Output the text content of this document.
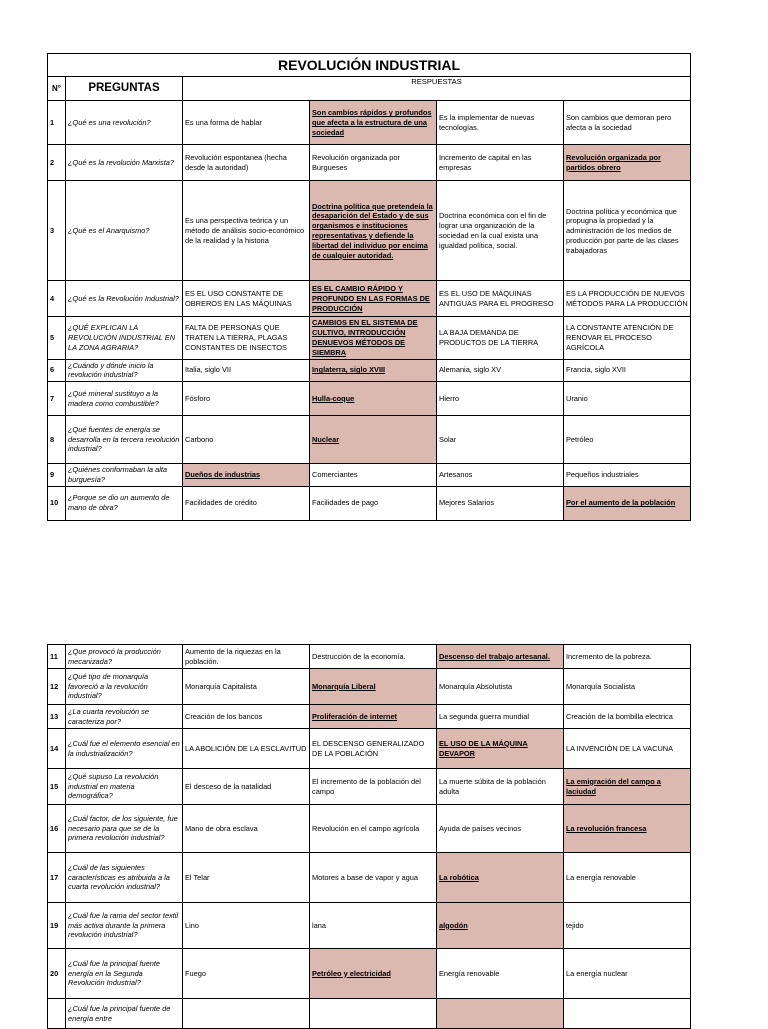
REVOLUCIÓN INDUSTRIAL					
N°	PREGUNTAS	RESPUESTAS			

1	¿Qué es una revolución?	Es una forma de hablar	Son cambios rápidos y profundos que afecta a la estructura de una sociedad	Es la implementar de nuevas tecnologías.	Son cambios que demoran pero afecta a la sociedad
2	¿Qué es la revolución Marxista?	Revolución espontanea (hecha desde la autoridad)	Revolución organizada por Burgueses	Incremento de capital en las empresas	Revolución organizada por partidos obrero
3	¿Qué es el Anarquismo?	Es una perspectiva teórica y un método de análisis socio-económico de la realidad y la historia	Doctrina política que pretendeía la desaparición del Estado y de sus organismos e instituciones representativas y defiende la libertad del individuo por encima de cualquier autoridad.	Doctrina económica con el fin de lograr una organización de la sociedad en la cual exista una igualdad política, social.	Doctrina política y económica que propugna la propiedad y la administración de los medios de producción por parte de las clases trabajadoras
4	¿Qué es la Revolución Industrial?	ES EL USO CONSTANTE DE OBREROS EN LAS MÁQUINAS	ES EL CAMBIO RÁPIDO Y PROFUNDO EN LAS FORMAS DE PRODUCCIÓN	ES EL USO DE MÁQUINAS ANTIGUAS PARA EL PROGRESO	ES LA PRODUCCIÓN DE NUEVOS MÉTODOS PARA LA PRODUCCIÓN
5	¿QUÉ EXPLICAN LA REVOLUCIÓN INDUSTRIAL EN LA ZONA AGRARIA?	FALTA DE PERSONAS QUE TRATEN LA TIERRA, PLAGAS CONSTANTES DE INSECTOS	CAMBIOS EN EL SISTEMA DE CULTIVO, INTRODUCCIÓN DENUEVOS MÉTODOS DE SIEMBRA	LA BAJA DEMANDA DE PRODUCTOS DE LA TIERRA	LA CONSTANTE ATENCIÓN DE RENOVAR EL PROCESO AGRÍCOLA
6	¿Cuándo y dónde inicio la revolución industrial?	Italia, siglo VII	Inglaterra, siglo XVIII	Alemania, siglo XV	Francia, siglo XVII
7	¿Qué mineral sustituyo a la madera como combustible?	Fósforo	Hulla-coque	Hierro	Uranio
8	¿Qué fuentes de energía se desarrolla en la tercera revolución industrial?	Carbono	Nuclear	Solar	Petróleo
9	¿Quiénes conformaban la alta burguesía?	Dueños de industrias	Comerciantes	Artesanos	Pequeños industriales
10	¿Porque se dio un aumento de mano de obra?	Facilidades de crédito	Facilidades de pago	Mejores Salarios	Por el aumento de la población
11	¿Que provocó la producción mecanizada?	Aumento de la riquezas en la población.	Destrucción de la economía.	Descenso del trabajo artesanal.	Incremento de la pobreza.
12	¿Qué tipo de monarquía favoreció a la revolución industrial?	Monarquía Capitalista	Monarquía Liberal	Monarquía Absolutista	Monarquía Socialista
13	¿La cuarta revolución se caracteriza por?	Creación de los bancos	Proliferación de internet	La segunda guerra mundial	Creación de la bombilla electrica
14	¿Cuál fue el elemento esencial en la industrialización?	LA ABOLICIÓN DE LA ESCLAVITUD	EL DESCENSO GENERALIZADO DE LA POBLACIÓN	EL USO DE LA MÁQUINA DEVAPOR	LA INVENCIÓN DE LA VACUNA
15	¿Qué supuso La revolución industrial en materia demográfica?	El desceso de la natalidad	El incremento de la población del campo	La muerte súbita de la población adulta	La emigración del campo a laciudad
16	¿Cuál factor, de los siguiente, fue necesario para que se de la primera revolución industrial?	Mano de obra esclava	Revolución en el campo agrícola	Ayuda de países vecinos	La revolución francesa
17	¿Cuál de las siguientes características es atribuida a la cuarta revolución industrial?	El Telar	Motores a base de vapor y agua	La robótica	La energía renovable
19	¿Cuál fue la rama del sector textil más activa durante la primera revolución industrial?	Lino	lana	algodón	tejido
20	¿Cuál fue la principal fuente energía en la Segunda Revolución Industrial?	Fuego	Petróleo y electricidad	Energía renovable	La energía nuclear
	¿Cuál fue la principal fuente de energía entre				
